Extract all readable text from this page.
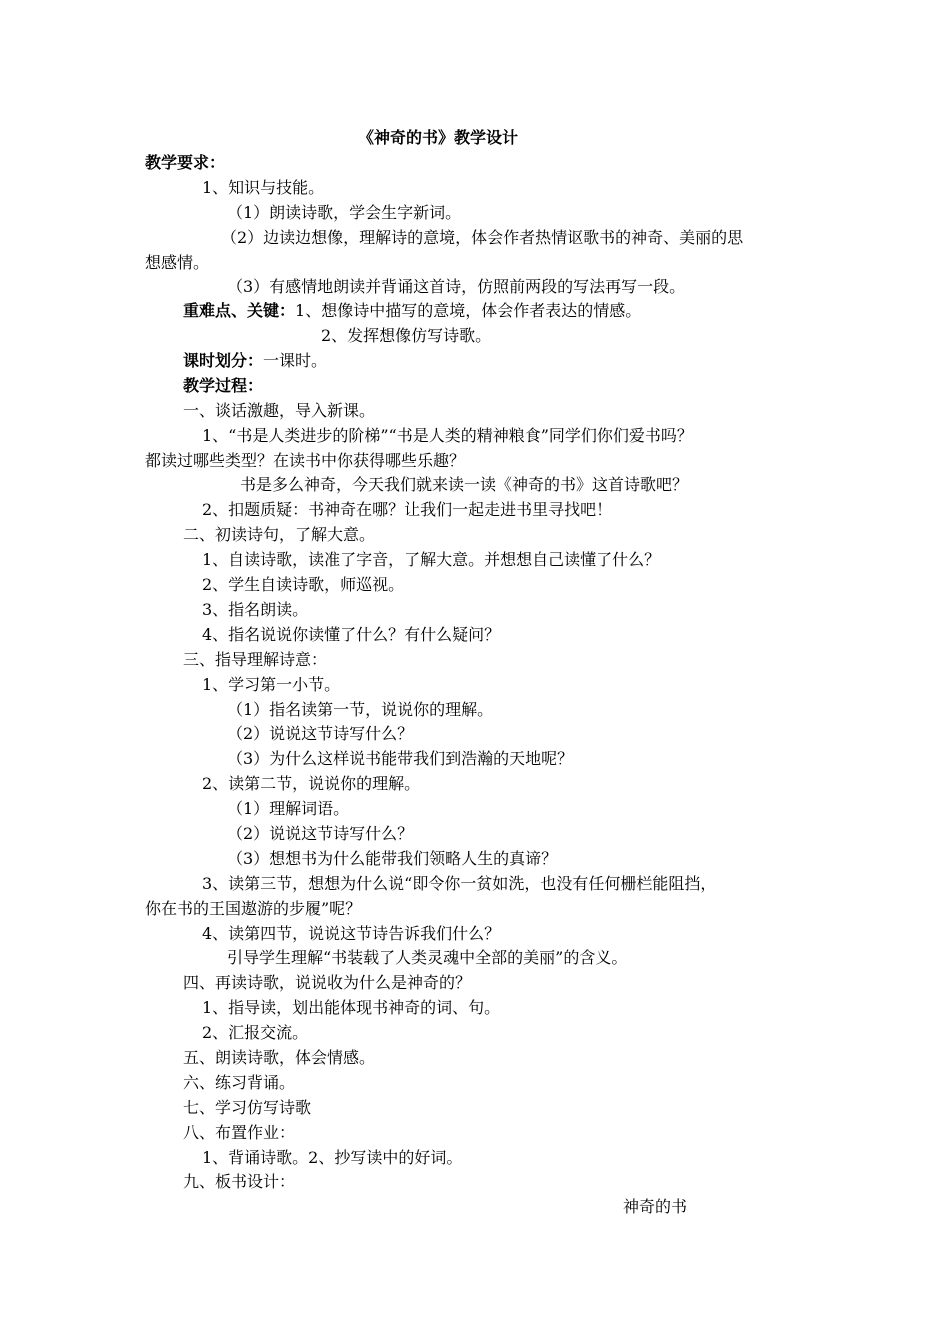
《神奇的书》教学设计
教学要求：
1、知识与技能。
（1）朗读诗歌，学会生字新词。
（2）边读边想像，理解诗的意境，体会作者热情讴歌书的神奇、美丽的思
想感情。
（3）有感情地朗读并背诵这首诗，仿照前两段的写法再写一段。
重难点、关键：1、想像诗中描写的意境，体会作者表达的情感。
2、发挥想像仿写诗歌。
课时划分：一课时。
教学过程：
一、谈话激趣，导入新课。
1、“书是人类进步的阶梯”“书是人类的精神粮食”同学们你们爱书吗？
都读过哪些类型？在读书中你获得哪些乐趣？
书是多么神奇，今天我们就来读一读《神奇的书》这首诗歌吧？
2、扣题质疑：书神奇在哪？让我们一起走进书里寻找吧！
二、初读诗句，了解大意。
1、自读诗歌，读准了字音，了解大意。并想想自己读懂了什么？
2、学生自读诗歌，师巡视。
3、指名朗读。
4、指名说说你读懂了什么？有什么疑问？
三、指导理解诗意：
1、学习第一小节。
（1）指名读第一节，说说你的理解。
（2）说说这节诗写什么？
（3）为什么这样说书能带我们到浩瀚的天地呢？
2、读第二节，说说你的理解。
（1）理解词语。
（2）说说这节诗写什么？
（3）想想书为什么能带我们领略人生的真谛？
3、读第三节，想想为什么说“即令你一贫如洗，也没有任何栅栏能阻挡，
你在书的王国遨游的步履”呢？
4、读第四节，说说这节诗告诉我们什么？
引导学生理解“书装载了人类灵魂中全部的美丽”的含义。
四、再读诗歌，说说收为什么是神奇的？
1、指导读，划出能体现书神奇的词、句。
2、汇报交流。
五、朗读诗歌，体会情感。
六、练习背诵。
七、学习仿写诗歌
八、布置作业：
1、背诵诗歌。2、抄写读中的好词。
九、板书设计：
神奇的书
